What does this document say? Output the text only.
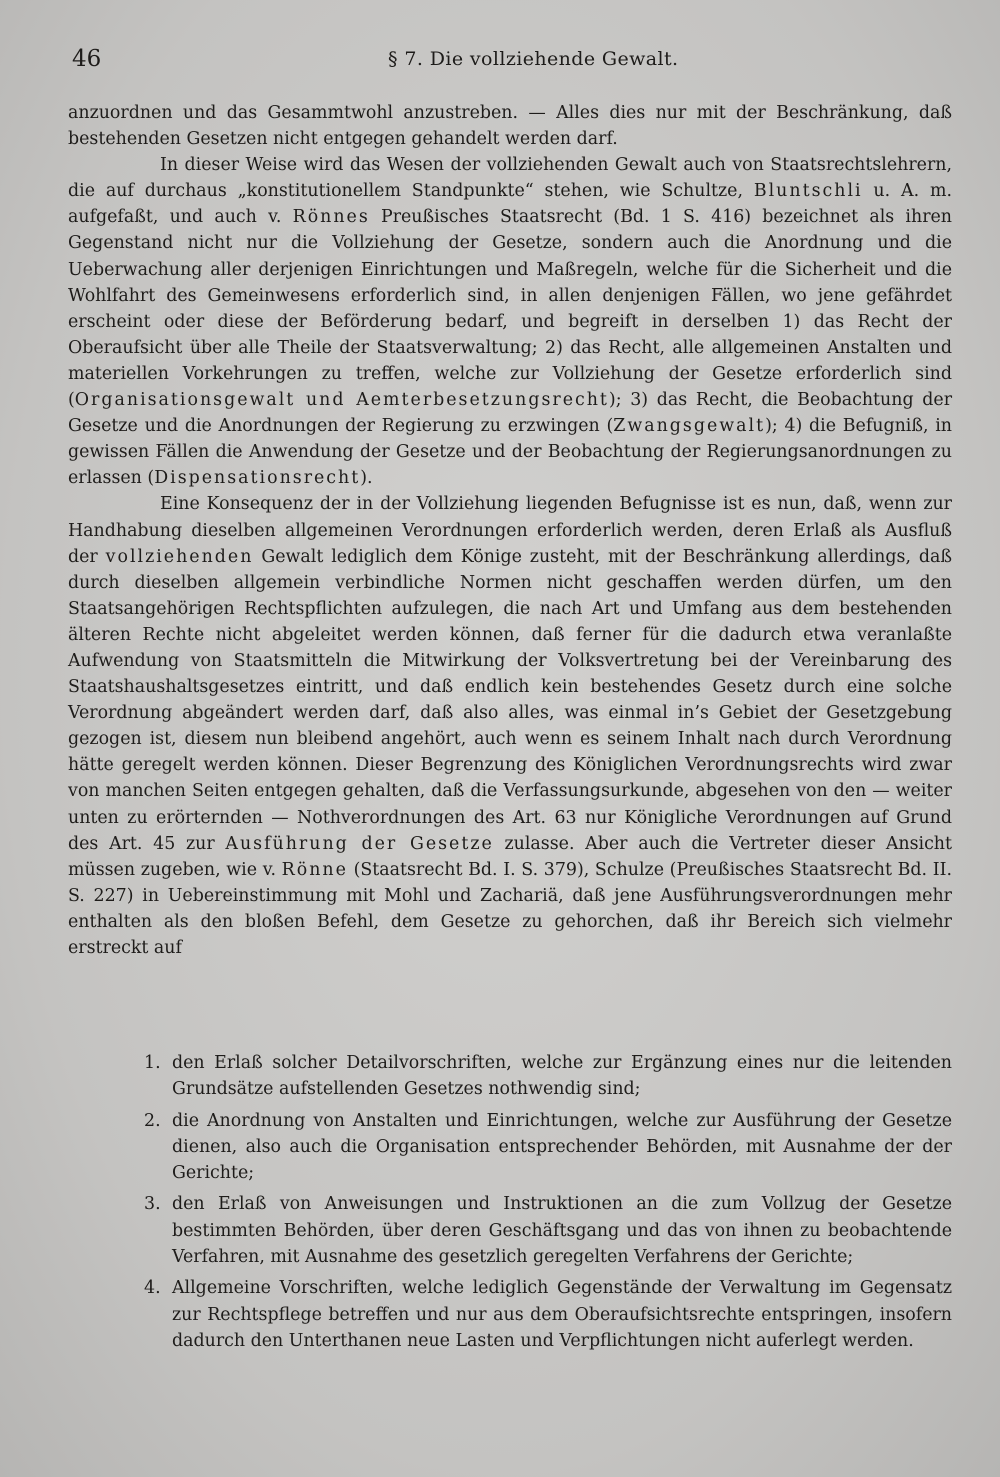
46	§ 7. Die vollziehende Gewalt.

anzuordnen und das Gesammtwohl anzustreben. — Alles dies nur mit der Beschränkung, daß bestehenden Gesetzen nicht entgegen gehandelt werden darf.

In dieser Weise wird das Wesen der vollziehenden Gewalt auch von Staatsrechtslehrern, die auf durchaus „konstitutionellem Standpunkte“ stehen, wie Schultze, Bluntschli u. A. m. aufgefaßt, und auch v. Rönnes Preußisches Staatsrecht (Bd. 1 S. 416) bezeichnet als ihren Gegenstand nicht nur die Vollziehung der Gesetze, sondern auch die Anordnung und die Ueberwachung aller derjenigen Einrichtungen und Maßregeln, welche für die Sicherheit und die Wohlfahrt des Gemeinwesens erforderlich sind, in allen denjenigen Fällen, wo jene gefährdet erscheint oder diese der Beförderung bedarf, und begreift in derselben 1) das Recht der Oberaufsicht über alle Theile der Staatsverwaltung; 2) das Recht, alle allgemeinen Anstalten und materiellen Vorkehrungen zu treffen, welche zur Vollziehung der Gesetze erforderlich sind (Organisationsgewalt und Aemterbesetzungsrecht); 3) das Recht, die Beobachtung der Gesetze und die Anordnungen der Regierung zu erzwingen (Zwangsgewalt); 4) die Befugniß, in gewissen Fällen die Anwendung der Gesetze und der Beobachtung der Regierungsanordnungen zu erlassen (Dispensationsrecht).

Eine Konsequenz der in der Vollziehung liegenden Befugnisse ist es nun, daß, wenn zur Handhabung dieselben allgemeinen Verordnungen erforderlich werden, deren Erlaß als Ausfluß der vollziehenden Gewalt lediglich dem Könige zusteht, mit der Beschränkung allerdings, daß durch dieselben allgemein verbindliche Normen nicht geschaffen werden dürfen, um den Staatsangehörigen Rechtspflichten aufzulegen, die nach Art und Umfang aus dem bestehenden älteren Rechte nicht abgeleitet werden können, daß ferner für die dadurch etwa veranlaßte Aufwendung von Staatsmitteln die Mitwirkung der Volksvertretung bei der Vereinbarung des Staatshaushaltsgesetzes eintritt, und daß endlich kein bestehendes Gesetz durch eine solche Verordnung abgeändert werden darf, daß also alles, was einmal in’s Gebiet der Gesetzgebung gezogen ist, diesem nun bleibend angehört, auch wenn es seinem Inhalt nach durch Verordnung hätte geregelt werden können. Dieser Begrenzung des Königlichen Verordnungsrechts wird zwar von manchen Seiten entgegen gehalten, daß die Verfassungsurkunde, abgesehen von den — weiter unten zu erörternden — Nothverordnungen des Art. 63 nur Königliche Verordnungen auf Grund des Art. 45 zur Ausführung der Gesetze zulasse. Aber auch die Vertreter dieser Ansicht müssen zugeben, wie v. Rönne (Staatsrecht Bd. I. S. 379), Schulze (Preußisches Staatsrecht Bd. II. S. 227) in Uebereinstimmung mit Mohl und Zachariä, daß jene Ausführungsverordnungen mehr enthalten als den bloßen Befehl, dem Gesetze zu gehorchen, daß ihr Bereich sich vielmehr erstreckt auf

1. den Erlaß solcher Detailvorschriften, welche zur Ergänzung eines nur die leitenden Grundsätze aufstellenden Gesetzes nothwendig sind;
2. die Anordnung von Anstalten und Einrichtungen, welche zur Ausführung der Gesetze dienen, also auch die Organisation entsprechender Behörden, mit Ausnahme der der Gerichte;
3. den Erlaß von Anweisungen und Instruktionen an die zum Vollzug der Gesetze bestimmten Behörden, über deren Geschäftsgang und das von ihnen zu beobachtende Verfahren, mit Ausnahme des gesetzlich geregelten Verfahrens der Gerichte;
4. Allgemeine Vorschriften, welche lediglich Gegenstände der Verwaltung im Gegensatz zur Rechtspflege betreffen und nur aus dem Oberaufsichtsrechte entspringen, insofern dadurch den Unterthanen neue Lasten und Verpflichtungen nicht auferlegt werden.
